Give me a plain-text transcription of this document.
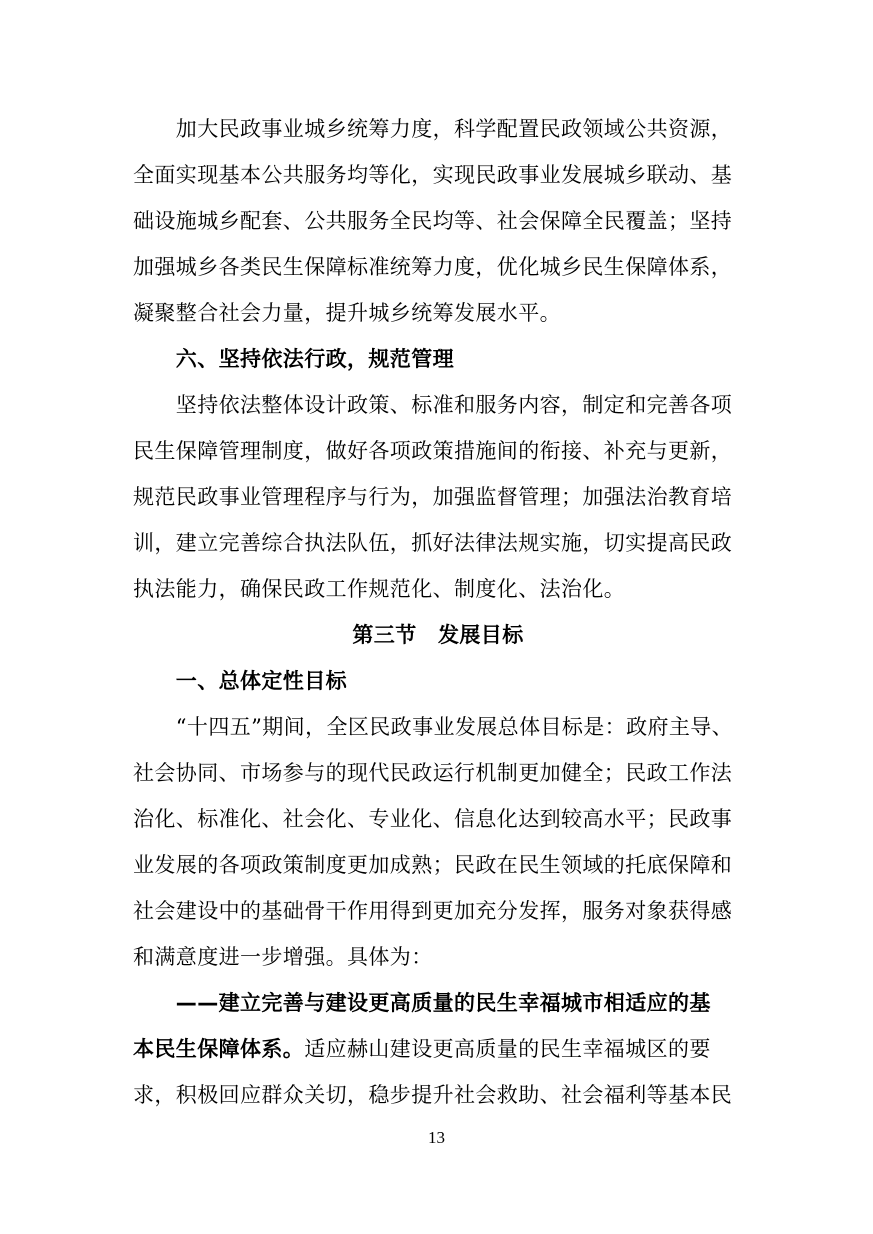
　　加大民政事业城乡统筹力度，科学配置民政领域公共资源，
全面实现基本公共服务均等化，实现民政事业发展城乡联动、基
础设施城乡配套、公共服务全民均等、社会保障全民覆盖；坚持
加强城乡各类民生保障标准统筹力度，优化城乡民生保障体系，
凝聚整合社会力量，提升城乡统筹发展水平。
　　六、坚持依法行政，规范管理
　　坚持依法整体设计政策、标准和服务内容，制定和完善各项
民生保障管理制度，做好各项政策措施间的衔接、补充与更新，
规范民政事业管理程序与行为，加强监督管理；加强法治教育培
训，建立完善综合执法队伍，抓好法律法规实施，切实提高民政
执法能力，确保民政工作规范化、制度化、法治化。
第三节　发展目标
　　一、总体定性目标
　　“十四五”期间，全区民政事业发展总体目标是：政府主导、
社会协同、市场参与的现代民政运行机制更加健全；民政工作法
治化、标准化、社会化、专业化、信息化达到较高水平；民政事
业发展的各项政策制度更加成熟；民政在民生领域的托底保障和
社会建设中的基础骨干作用得到更加充分发挥，服务对象获得感
和满意度进一步增强。具体为：
　　——建立完善与建设更高质量的民生幸福城市相适应的基
本民生保障体系。适应赫山建设更高质量的民生幸福城区的要
求，积极回应群众关切，稳步提升社会救助、社会福利等基本民
13
